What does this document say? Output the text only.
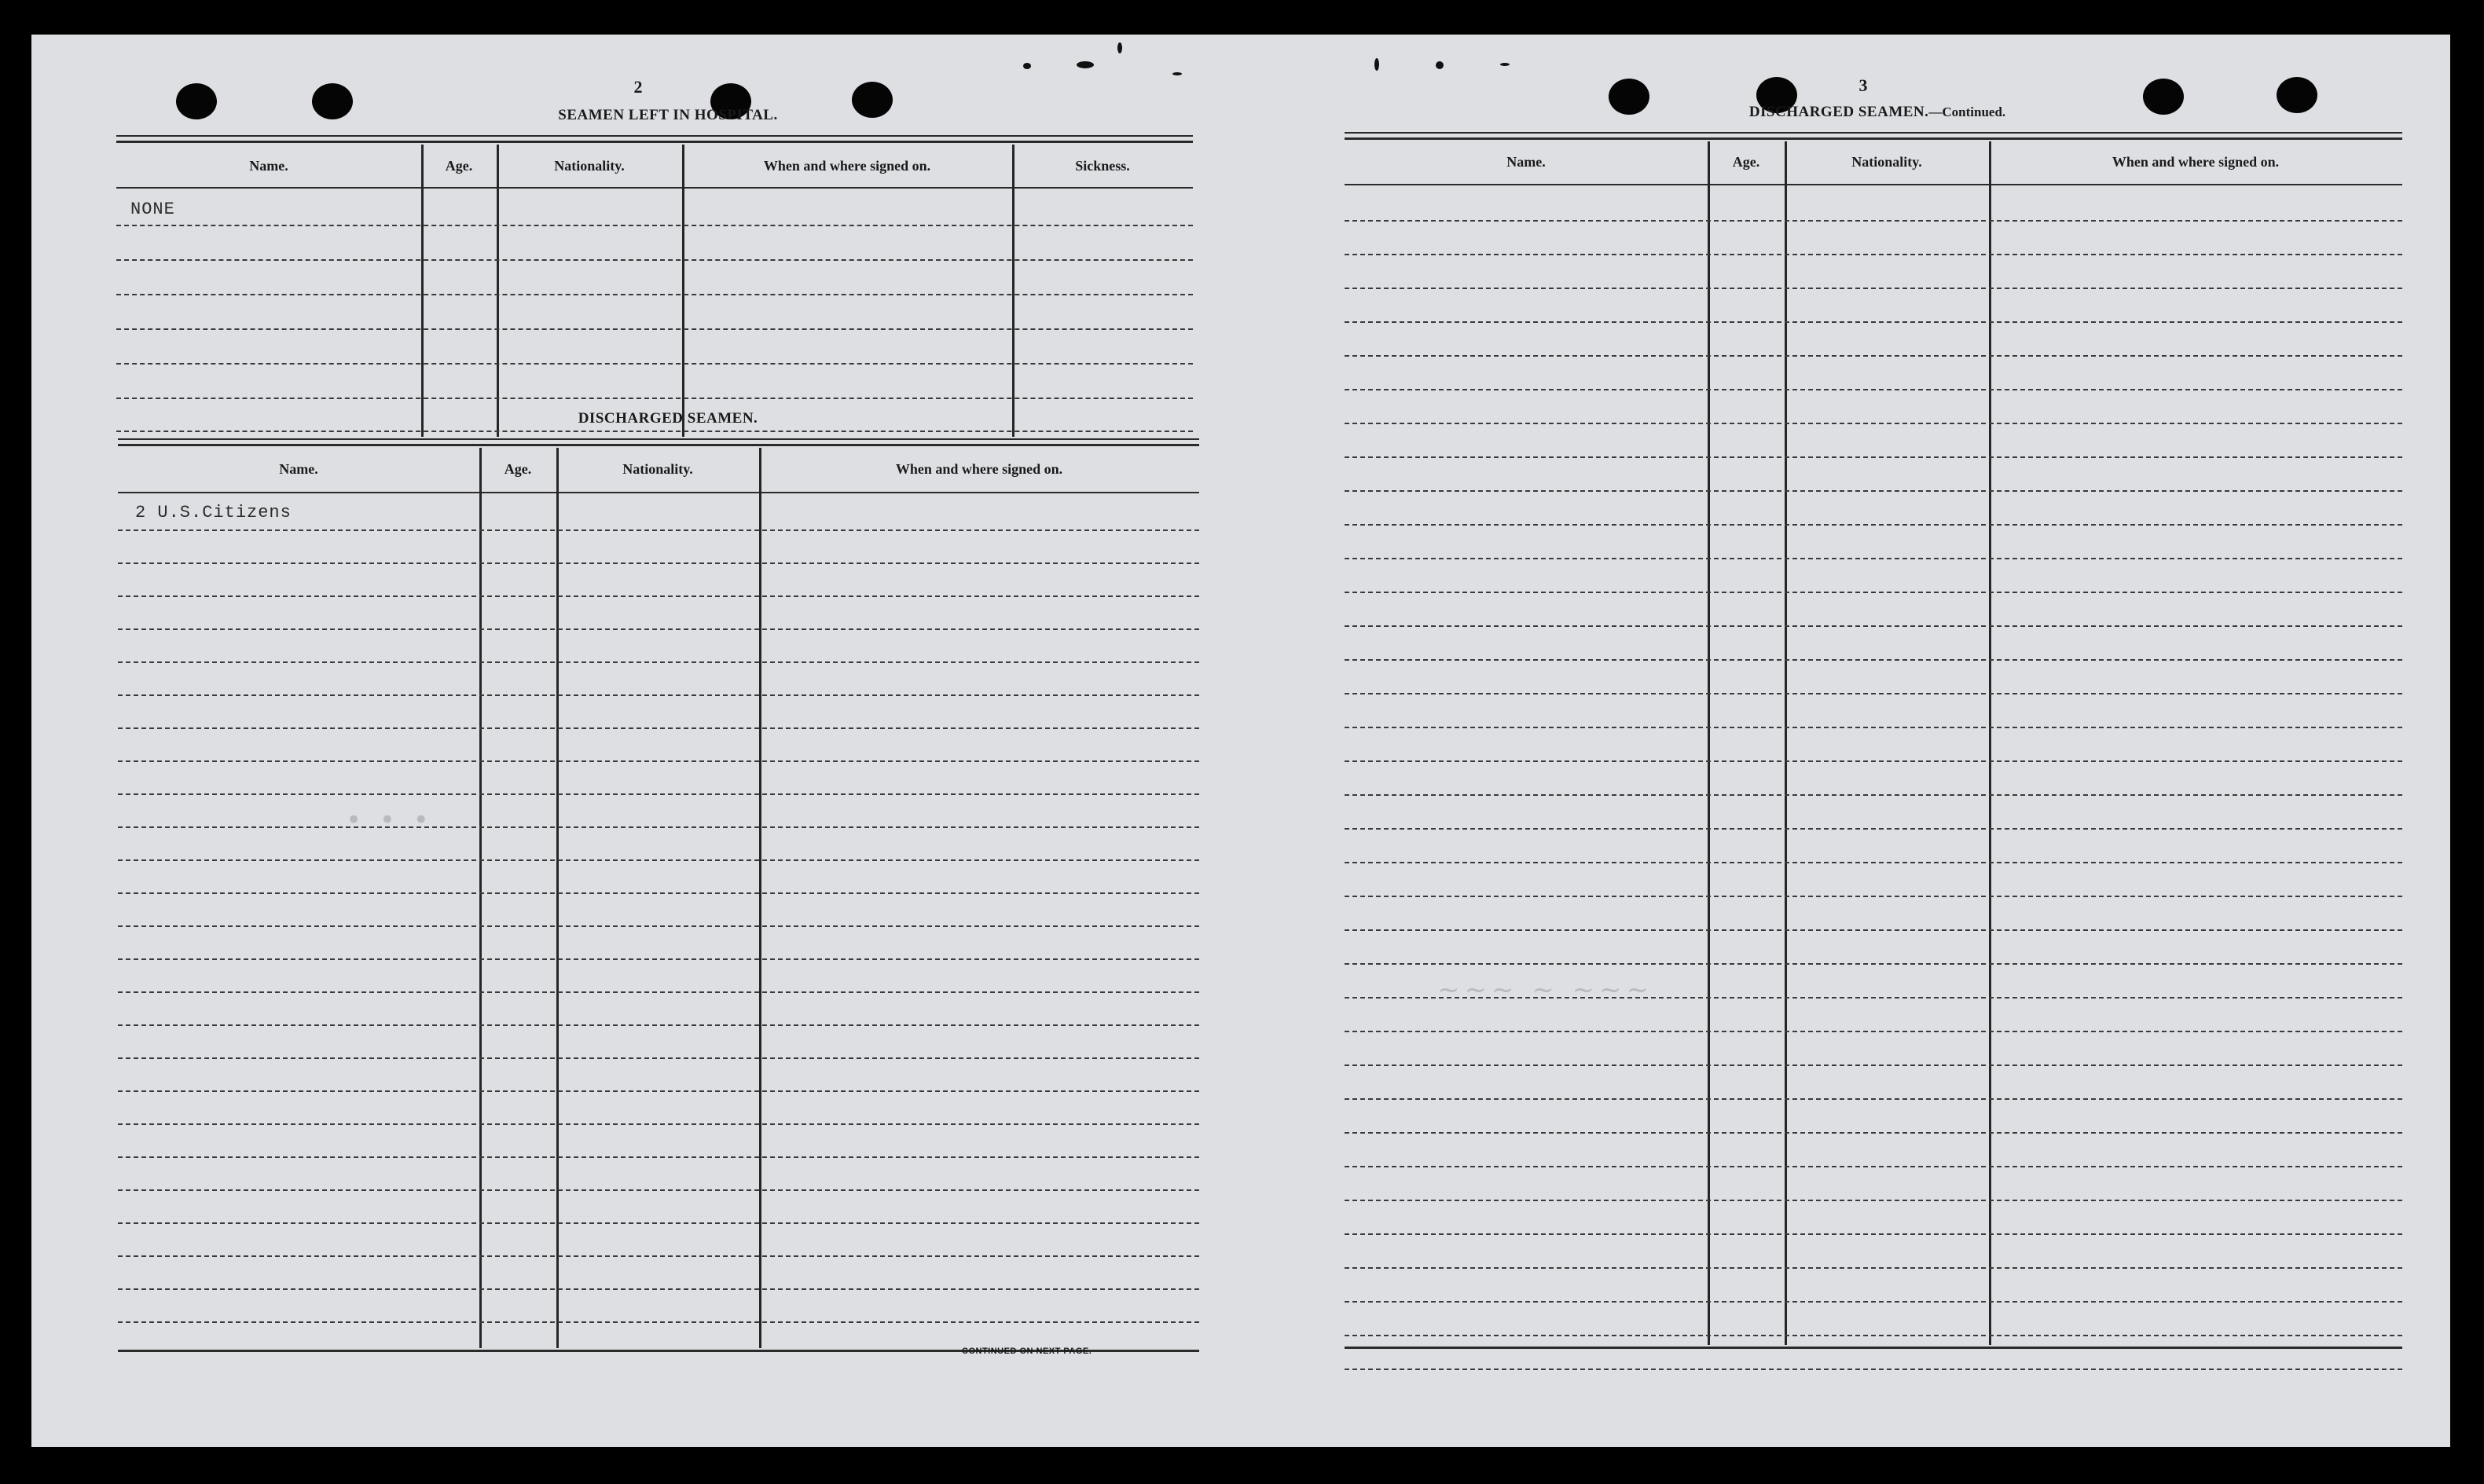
2
SEAMEN LEFT IN HOSPITAL.
Name.	Age.	Nationality.	When and where signed on.	Sickness.
NONE
DISCHARGED SEAMEN.
Name.	Age.	Nationality.	When and where signed on.
2 U.S.Citizens
• • •
CONTINUED ON NEXT PAGE.
3
DISCHARGED SEAMEN.—Continued.
Name.	Age.	Nationality.	When and where signed on.
~~~ ~ ~~~
